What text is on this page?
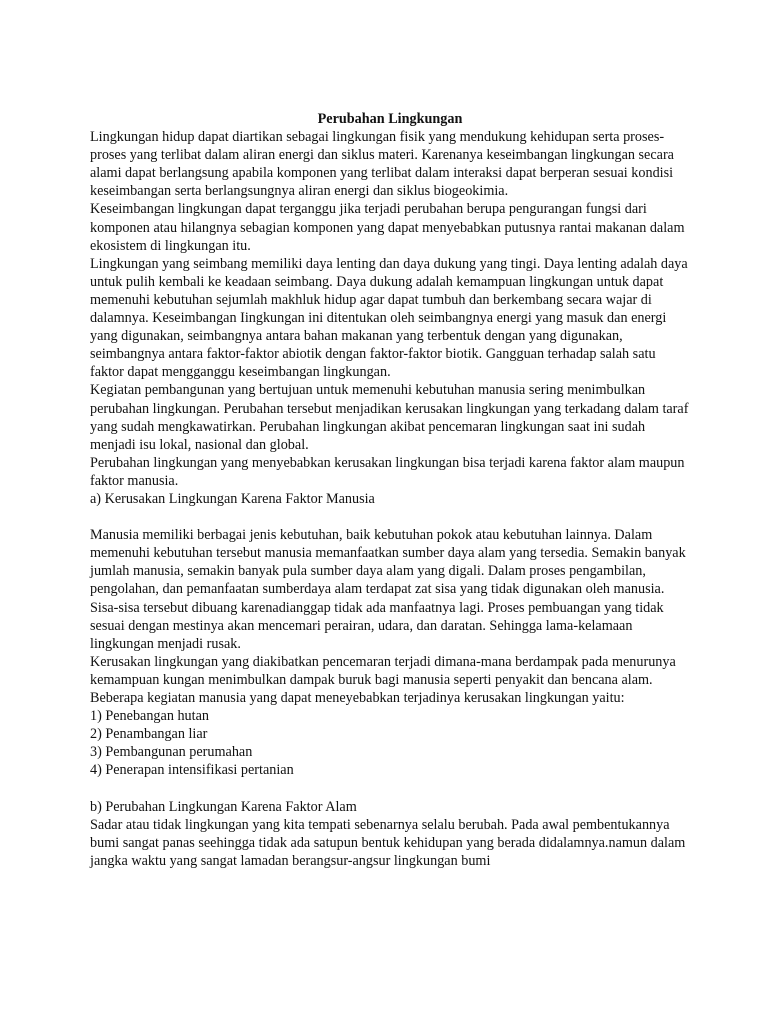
Perubahan Lingkungan

Lingkungan hidup dapat diartikan sebagai lingkungan fisik yang mendukung kehidupan serta proses-proses yang terlibat dalam aliran energi dan siklus materi. Karenanya keseimbangan lingkungan secara alami dapat berlangsung apabila komponen yang terlibat dalam interaksi dapat berperan sesuai kondisi keseimbangan serta berlangsungnya aliran energi dan siklus biogeokimia.

Keseimbangan lingkungan dapat terganggu jika terjadi perubahan berupa pengurangan fungsi dari komponen atau hilangnya sebagian komponen yang dapat menyebabkan putusnya rantai makanan dalam ekosistem di lingkungan itu.

Lingkungan yang seimbang memiliki daya lenting dan daya dukung yang tingi. Daya lenting adalah daya untuk pulih kembali ke keadaan seimbang. Daya dukung adalah kemampuan lingkungan untuk dapat memenuhi kebutuhan sejumlah makhluk hidup agar dapat tumbuh dan berkembang secara wajar di dalamnya. Keseimbangan Iingkungan ini ditentukan oleh seimbangnya energi yang masuk dan energi yang digunakan, seimbangnya antara bahan makanan yang terbentuk dengan yang digunakan, seimbangnya antara faktor-faktor abiotik dengan faktor-faktor biotik. Gangguan terhadap salah satu faktor dapat mengganggu keseimbangan lingkungan.

Kegiatan pembangunan yang bertujuan untuk memenuhi kebutuhan manusia sering menimbulkan perubahan lingkungan. Perubahan tersebut menjadikan kerusakan lingkungan yang terkadang dalam taraf yang sudah mengkawatirkan. Perubahan lingkungan akibat pencemaran lingkungan saat ini sudah menjadi isu lokal, nasional dan global.

Perubahan lingkungan yang menyebabkan kerusakan lingkungan bisa terjadi karena faktor alam maupun faktor manusia.

a) Kerusakan Lingkungan Karena Faktor Manusia

Manusia memiliki berbagai jenis kebutuhan, baik kebutuhan pokok atau kebutuhan lainnya. Dalam memenuhi kebutuhan tersebut manusia memanfaatkan sumber daya alam yang tersedia. Semakin banyak jumlah manusia, semakin banyak pula sumber daya alam yang digali. Dalam proses pengambilan, pengolahan, dan pemanfaatan sumberdaya alam terdapat zat sisa yang tidak digunakan oleh manusia. Sisa-sisa tersebut dibuang karenadianggap tidak ada manfaatnya lagi. Proses pembuangan yang tidak sesuai dengan mestinya akan mencemari perairan, udara, dan daratan. Sehingga lama-kelamaan lingkungan menjadi rusak.

Kerusakan lingkungan yang diakibatkan pencemaran terjadi dimana-mana berdampak pada menurunya kemampuan kungan menimbulkan dampak buruk bagi manusia seperti penyakit dan bencana alam. Beberapa kegiatan manusia yang dapat meneyebabkan terjadinya kerusakan lingkungan yaitu:

1) Penebangan hutan
2) Penambangan liar
3) Pembangunan perumahan
4) Penerapan intensifikasi pertanian

b) Perubahan Lingkungan Karena Faktor Alam

Sadar atau tidak lingkungan yang kita tempati sebenarnya selalu berubah. Pada awal pembentukannya bumi sangat panas seehingga tidak ada satupun bentuk kehidupan yang berada didalamnya.namun dalam jangka waktu yang sangat lamadan berangsur-angsur lingkungan bumi
